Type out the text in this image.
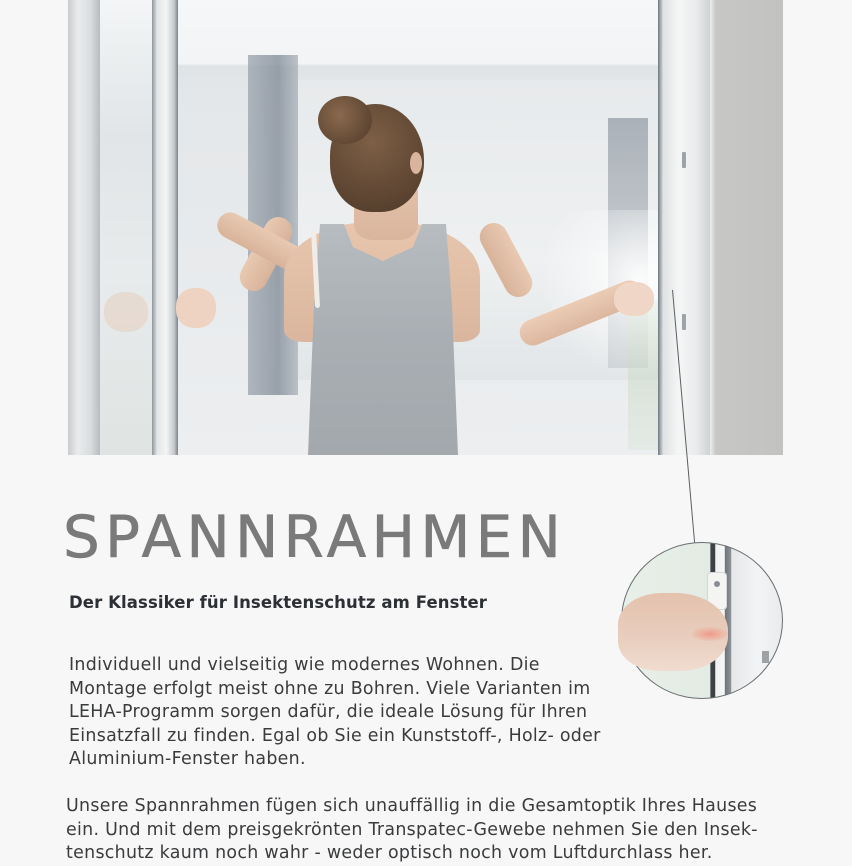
SPANNRAHMEN
Der Klassiker für Insektenschutz am Fenster

Individuell und vielseitig wie modernes Wohnen. Die
Montage erfolgt meist ohne zu Bohren. Viele Varianten im
LEHA-Programm sorgen dafür, die ideale Lösung für Ihren
Einsatzfall zu finden. Egal ob Sie ein Kunststoff-, Holz- oder
Aluminium-Fenster haben.

Unsere Spannrahmen fügen sich unauffällig in die Gesamtoptik Ihres Hauses
ein. Und mit dem preisgekrönten Transpatec-Gewebe nehmen Sie den Insek-
tenschutz kaum noch wahr - weder optisch noch vom Luftdurchlass her.
